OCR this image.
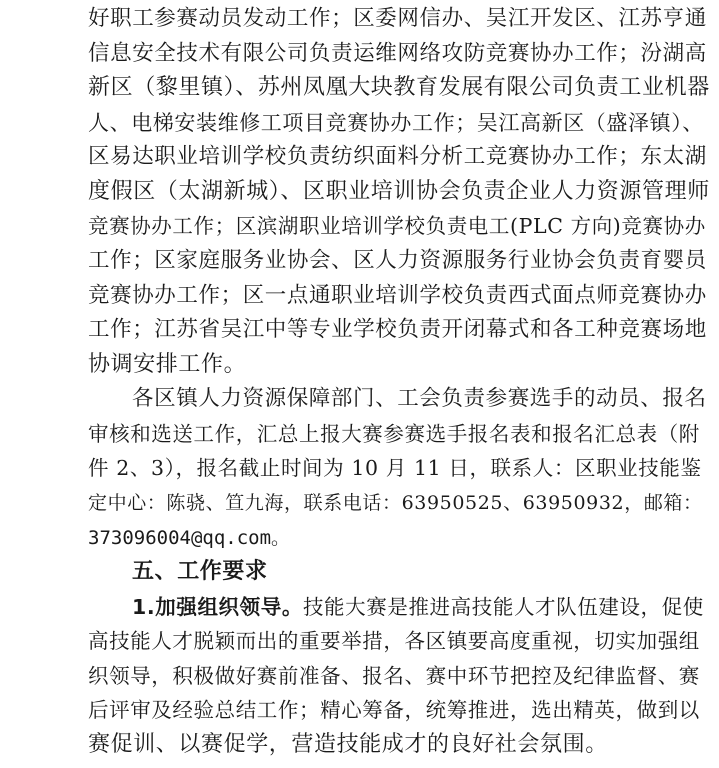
好职工参赛动员发动工作；区委网信办、吴江开发区、江苏亨通
信息安全技术有限公司负责运维网络攻防竞赛协办工作；汾湖高
新区（黎里镇）、苏州凤凰大块教育发展有限公司负责工业机器
人、电梯安装维修工项目竞赛协办工作；吴江高新区（盛泽镇）、
区易达职业培训学校负责纺织面料分析工竞赛协办工作；东太湖
度假区（太湖新城）、区职业培训协会负责企业人力资源管理师
竞赛协办工作；区滨湖职业培训学校负责电工(PLC 方向)竞赛协办
工作；区家庭服务业协会、区人力资源服务行业协会负责育婴员
竞赛协办工作；区一点通职业培训学校负责西式面点师竞赛协办
工作；江苏省吴江中等专业学校负责开闭幕式和各工种竞赛场地
协调安排工作。
各区镇人力资源保障部门、工会负责参赛选手的动员、报名
审核和选送工作，汇总上报大赛参赛选手报名表和报名汇总表（附
件 2、3），报名截止时间为 10 月 11 日，联系人：区职业技能鉴
定中心：陈骁、笪九海，联系电话：63950525、63950932，邮箱：
373096004@qq.com。
五、工作要求
1.加强组织领导。技能大赛是推进高技能人才队伍建设，促使
高技能人才脱颖而出的重要举措，各区镇要高度重视，切实加强组
织领导，积极做好赛前准备、报名、赛中环节把控及纪律监督、赛
后评审及经验总结工作；精心筹备，统筹推进，选出精英，做到以
赛促训、以赛促学，营造技能成才的良好社会氛围。
